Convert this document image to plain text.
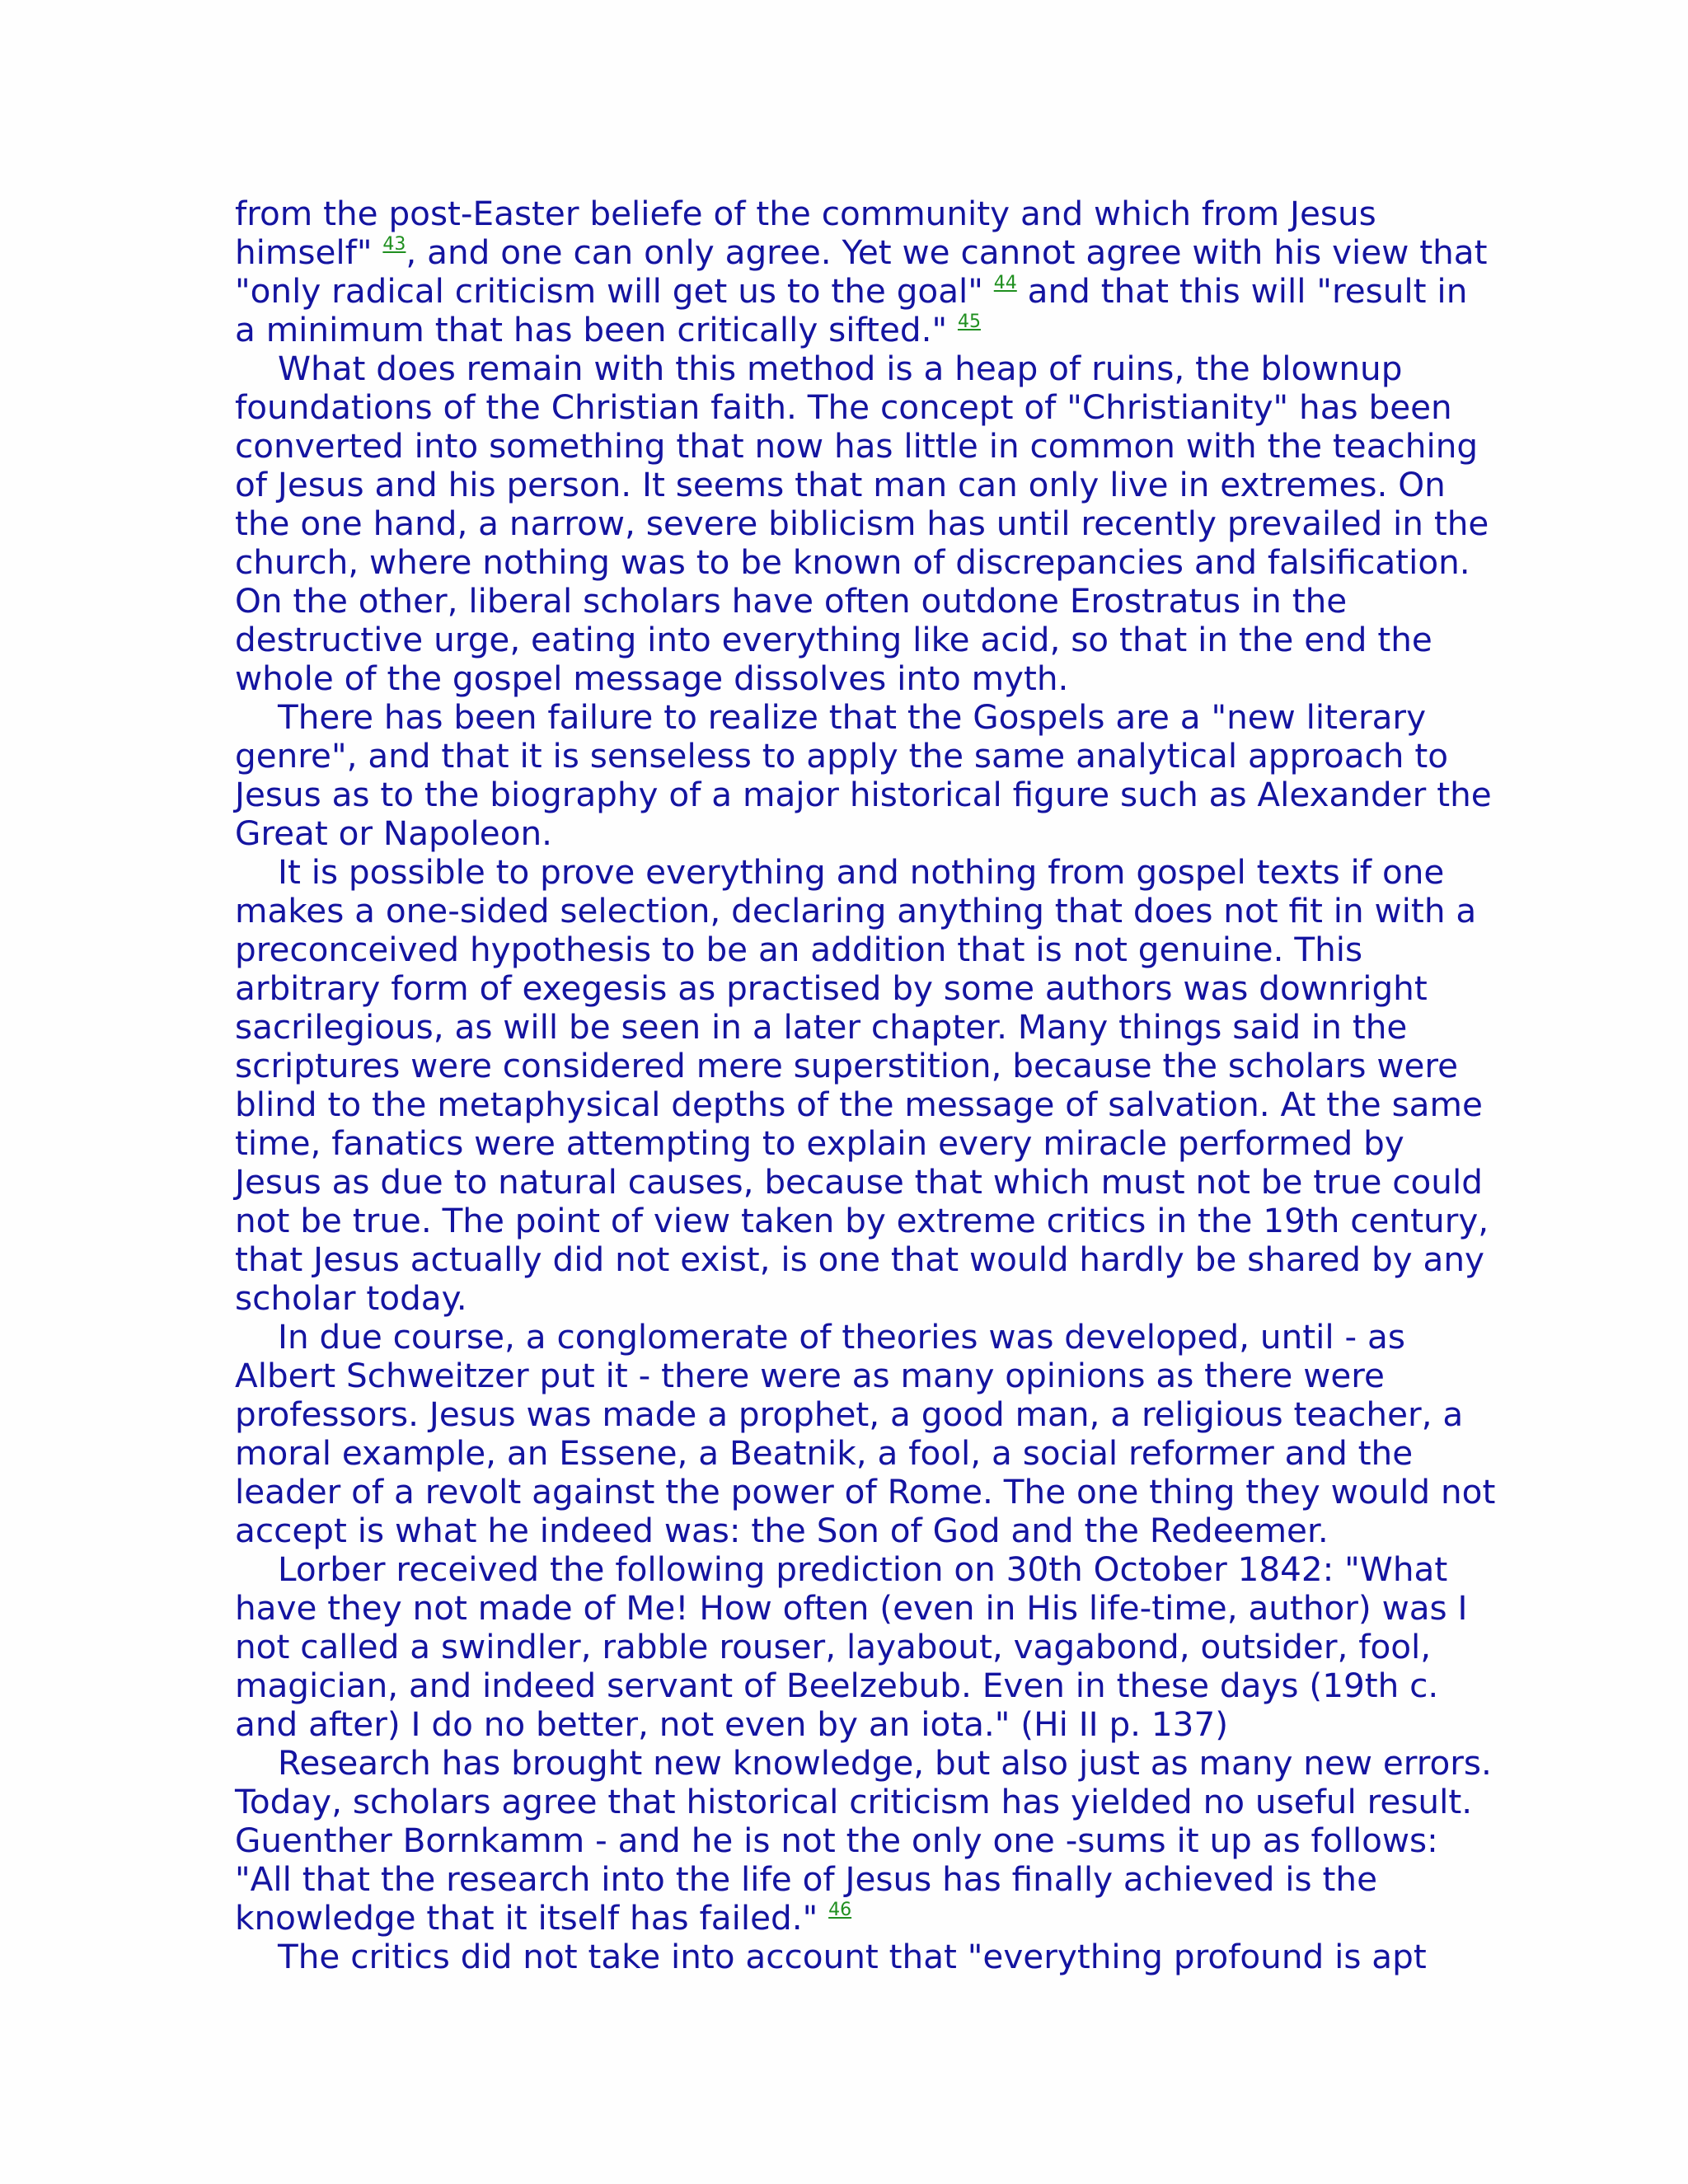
from the post-Easter beliefe of the community and which from Jesus himself" $^{43}$, and one can only agree. Yet we cannot agree with his view that "only radical criticism will get us to the goal" $^{44}$ and that this will "result in a minimum that has been critically sifted." $^{45}$

What does remain with this method is a heap of ruins, the blownup foundations of the Christian faith. The concept of "Christianity" has been converted into something that now has little in common with the teaching of Jesus and his person. It seems that man can only live in extremes. On the one hand, a narrow, severe biblicism has until recently prevailed in the church, where nothing was to be known of discrepancies and falsification. On the other, liberal scholars have often outdone Erostratus in the destructive urge, eating into everything like acid, so that in the end the whole of the gospel message dissolves into myth.

There has been failure to realize that the Gospels are a "new literary genre", and that it is senseless to apply the same analytical approach to Jesus as to the biography of a major historical figure such as Alexander the Great or Napoleon.

It is possible to prove everything and nothing from gospel texts if one makes a one-sided selection, declaring anything that does not fit in with a preconceived hypothesis to be an addition that is not genuine. This arbitrary form of exegesis as practised by some authors was downright sacrilegious, as will be seen in a later chapter. Many things said in the scriptures were considered mere superstition, because the scholars were blind to the metaphysical depths of the message of salvation. At the same time, fanatics were attempting to explain every miracle performed by Jesus as due to natural causes, because that which must not be true could not be true. The point of view taken by extreme critics in the 19th century, that Jesus actually did not exist, is one that would hardly be shared by any scholar today.

In due course, a conglomerate of theories was developed, until - as Albert Schweitzer put it - there were as many opinions as there were professors. Jesus was made a prophet, a good man, a religious teacher, a moral example, an Essene, a Beatnik, a fool, a social reformer and the leader of a revolt against the power of Rome. The one thing they would not accept is what he indeed was: the Son of God and the Redeemer.

Lorber received the following prediction on 30th October 1842: "What have they not made of Me! How often (even in His life-time, author) was I not called a swindler, rabble rouser, layabout, vagabond, outsider, fool, magician, and indeed servant of Beelzebub. Even in these days (19th c. and after) I do no better, not even by an iota." (Hi II p. 137)

Research has brought new knowledge, but also just as many new errors. Today, scholars agree that historical criticism has yielded no useful result. Guenther Bornkamm - and he is not the only one -sums it up as follows: "All that the research into the life of Jesus has finally achieved is the knowledge that it itself has failed." $^{46}$

The critics did not take into account that "everything profound is apt
